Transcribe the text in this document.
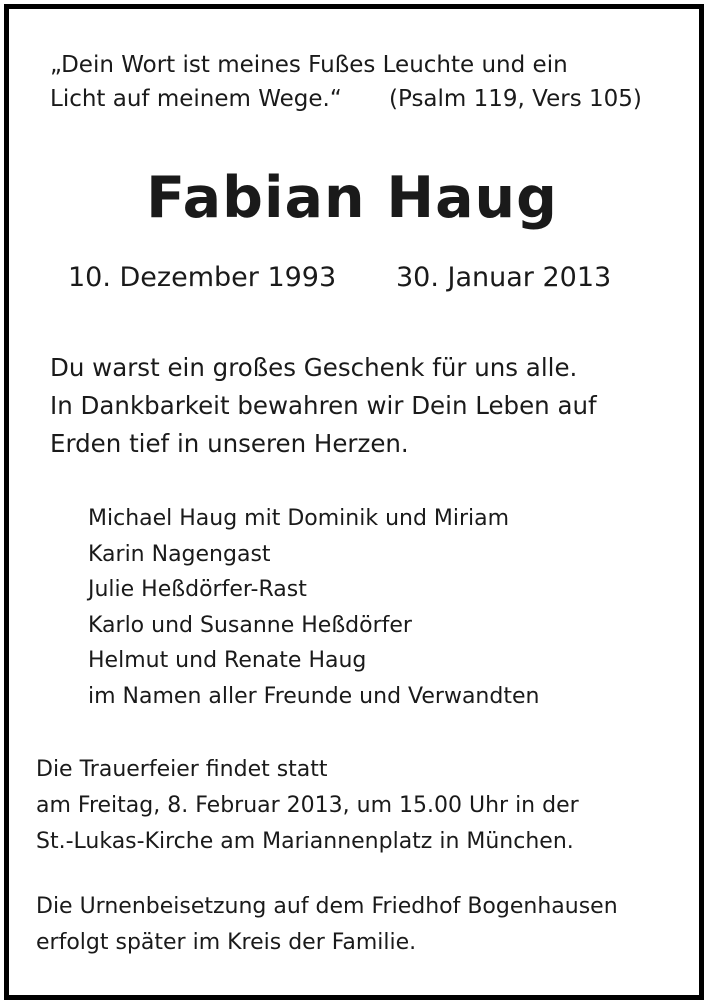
„Dein Wort ist meines Fußes Leuchte und ein
Licht auf meinem Wege.“	(Psalm 119, Vers 105)
Fabian Haug
10. Dezember 1993 30. Januar 2013
Du warst ein großes Geschenk für uns alle.
In Dankbarkeit bewahren wir Dein Leben auf
Erden tief in unseren Herzen.
Michael Haug mit Dominik und Miriam
Karin Nagengast
Julie Heßdörfer-Rast
Karlo und Susanne Heßdörfer
Helmut und Renate Haug
im Namen aller Freunde und Verwandten
Die Trauerfeier findet statt
am Freitag, 8. Februar 2013, um 15.00 Uhr in der
St.-Lukas-Kirche am Mariannenplatz in München.
Die Urnenbeisetzung auf dem Friedhof Bogenhausen
erfolgt später im Kreis der Familie.
